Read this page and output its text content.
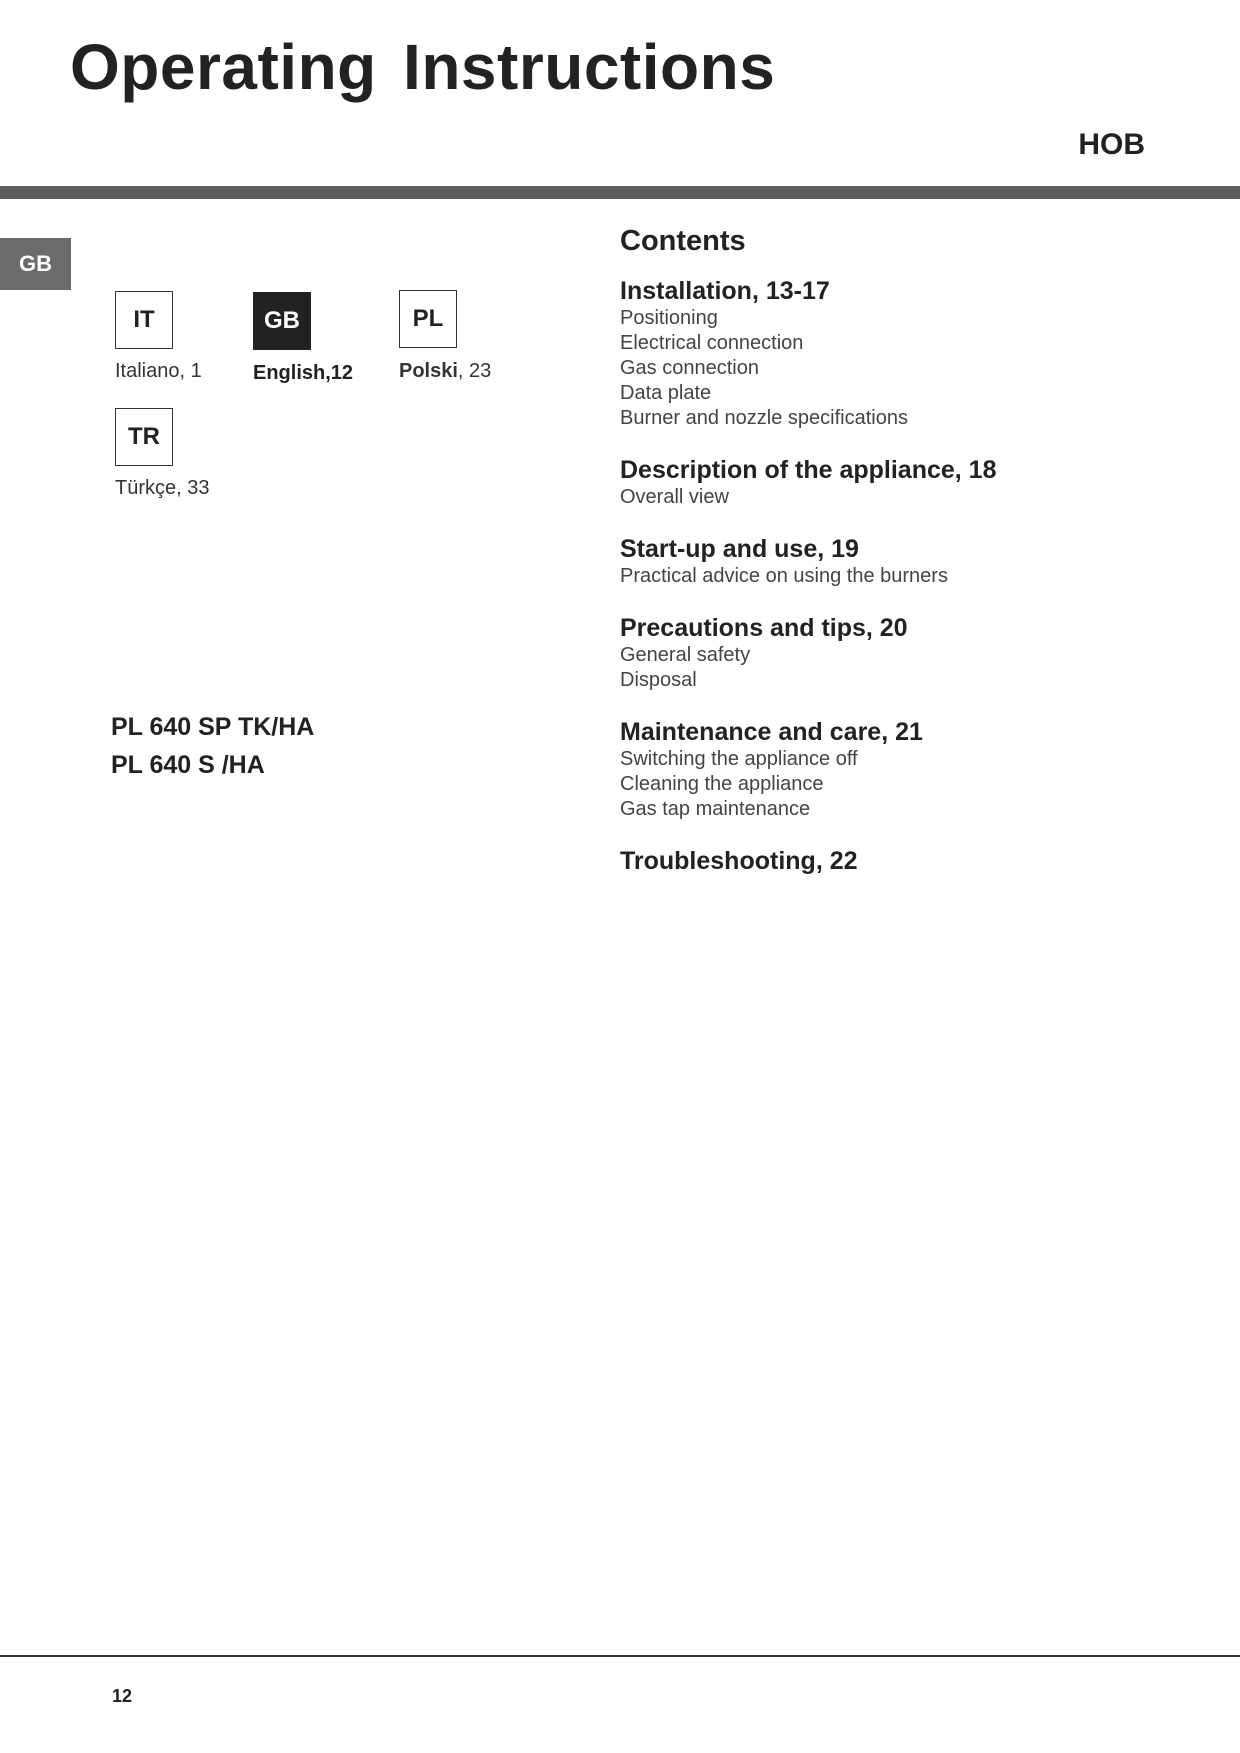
Operating Instructions
HOB
GB
IT
Italiano, 1
GB
English,12
PL
Polski, 23
TR
Türkçe, 33
PL 640 SP TK/HA
PL 640 S /HA
Contents
Installation, 13-17
Positioning
Electrical connection
Gas connection
Data plate
Burner and nozzle specifications
Description of the appliance, 18
Overall view
Start-up and use, 19
Practical advice on using the burners
Precautions and tips, 20
General safety
Disposal
Maintenance and care, 21
Switching the appliance off
Cleaning the appliance
Gas tap maintenance
Troubleshooting, 22
12
